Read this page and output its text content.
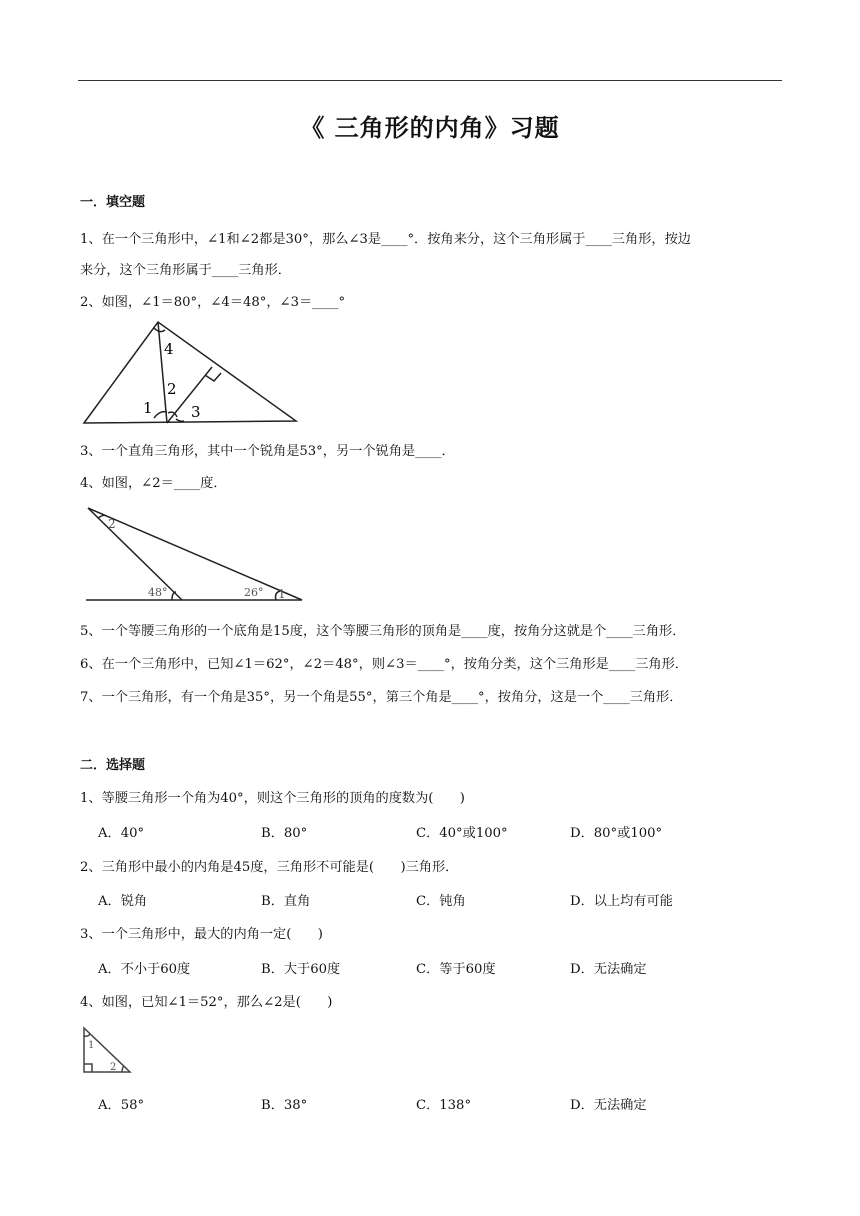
《 三角形的内角》习题
一．填空题
1、在一个三角形中，∠1和∠2都是30°，那么∠3是____°．按角来分，这个三角形属于____三角形，按边
来分，这个三角形属于____三角形．
2、如图，∠1＝80°，∠4＝48°，∠3＝____°
4
2
1	3
3、一个直角三角形，其中一个锐角是53°，另一个锐角是____．
4、如图，∠2＝____度．
2
48°	26° 1
5、一个等腰三角形的一个底角是15度，这个等腰三角形的顶角是____度，按角分这就是个____三角形．
6、在一个三角形中，已知∠1＝62°，∠2＝48°，则∠3＝____°，按角分类，这个三角形是____三角形．
7、一个三角形，有一个角是35°，另一个角是55°，第三个角是____°，按角分，这是一个____三角形．
二．选择题
1、等腰三角形一个角为40°，则这个三角形的顶角的度数为(　　)
A．40°	B．80°	C．40°或100°	D．80°或100°
2、三角形中最小的内角是45度，三角形不可能是(　　)三角形．
A．锐角	B．直角	C．钝角	D．以上均有可能
3、一个三角形中，最大的内角一定(　　)
A．不小于60度	B．大于60度	C．等于60度	D．无法确定
4、如图，已知∠1＝52°，那么∠2是(　　)
1
2
A．58°	B．38°	C．138°	D．无法确定
